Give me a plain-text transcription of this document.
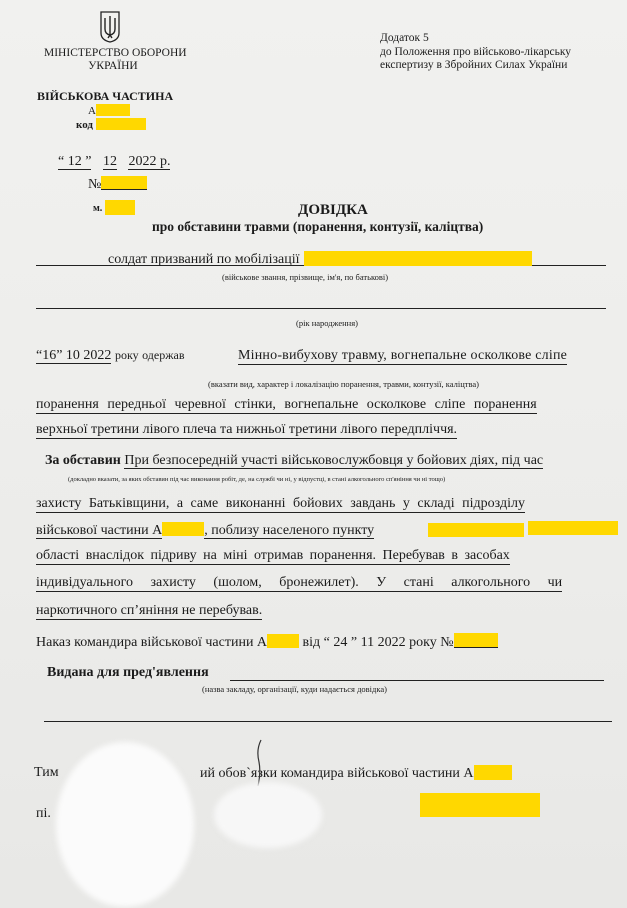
МІНІСТЕРСТВО ОБОРОНИ
УКРАЇНИ
Додаток 5
до Положення про військово-лікарську
експертизу в Збройних Силах України
ВІЙСЬКОВА ЧАСТИНА
А
код
“ 12 ” 12 2022 р.
№
м.	ДОВІДКА
про обставини травми (поранення, контузії, каліцтва)
солдат призваний по мобілізації
(військове звання, прізвище, ім'я, по батькові)
(рік народження)
“16” 10 2022 року одержав	Мінно-вибухову травму, вогнепальне осколкове сліпе
(вказати вид, характер і локалізацію поранення, травми, контузії, каліцтва)
поранення передньої черевної стінки, вогнепальне осколкове сліпе поранення
верхньої третини лівого плеча та нижньої третини лівого передпліччя.
За обставин При безпосередній участі військовослужбовця у бойових діях, під час
(докладно вказати, за яких обставин під час виконання робіт, де, на службі чи ні, у відпустці, в стані алкогольного сп'яніння чи ні тощо)
захисту Батьківщини, а саме виконанні бойових завдань у складі підрозділу
військової частини А	, поблизу населеного пункту
області внаслідок підриву на міні отримав поранення. Перебував в засобах
індивідуального захисту (шолом, бронежилет). У стані алкогольного чи
наркотичного сп’яніння не перебував.
Наказ командира військової частини А	від “ 24 ” 11 2022 року №
Видана для пред'явлення
(назва закладу, організації, куди надається довідка)
Тим	ий обов`язки командира військової частини А
пі.
